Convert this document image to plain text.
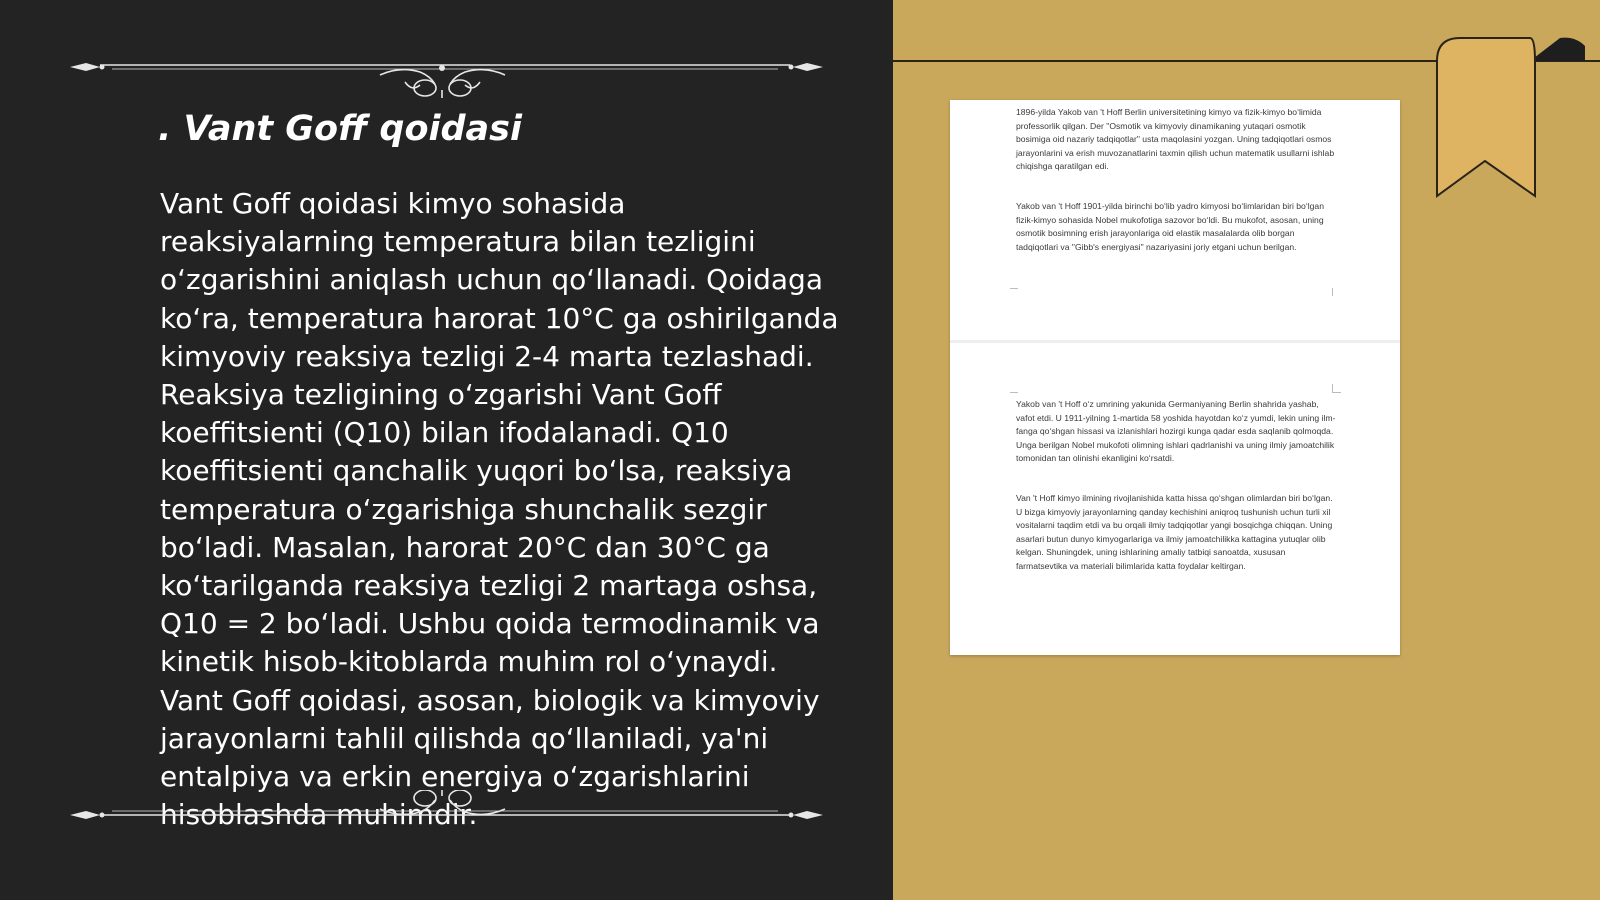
. Vant Goff qoidasi

Vant Goff qoidasi kimyo sohasida reaksiyalarning temperatura bilan tezligini o‘zgarishini aniqlash uchun qo‘llanadi. Qoidaga ko‘ra, temperatura harorat 10°C ga oshirilganda kimyoviy reaksiya tezligi 2-4 marta tezlashadi. Reaksiya tezligining o‘zgarishi Vant Goff koeffitsienti (Q10) bilan ifodalanadi. Q10 koeffitsienti qanchalik yuqori bo‘lsa, reaksiya temperatura o‘zgarishiga shunchalik sezgir bo‘ladi. Masalan, harorat 20°C dan 30°C ga ko‘tarilganda reaksiya tezligi 2 martaga oshsa, Q10 = 2 bo‘ladi. Ushbu qoida termodinamik va kinetik hisob-kitoblarda muhim rol o‘ynaydi. Vant Goff qoidasi, asosan, biologik va kimyoviy jarayonlarni tahlil qilishda qo‘llaniladi, ya'ni entalpiya va erkin energiya o‘zgarishlarini hisoblashda muhimdir.

1896-yilda Yakob van 't Hoff Berlin universitetining kimyo va fizik-kimyo bo‘limida professorlik qilgan. Der "Osmotik va kimyoviy dinamikaning yutaqari osmotik bosimiga oid nazariy tadqiqotlar" usta maqolasini yozgan. Uning tadqiqotlari osmos jarayonlarini va erish muvozanatlarini taxmin qilish uchun matematik usullarni ishlab chiqishga qaratilgan edi.

Yakob van 't Hoff 1901-yilda birinchi bo‘lib yadro kimyosi bo‘limlaridan biri bo‘lgan fizik-kimyo sohasida Nobel mukofotiga sazovor bo‘ldi. Bu mukofot, asosan, uning osmotik bosimning erish jarayonlariga oid elastik masalalarda olib borgan tadqiqotlari va "Gibb's energiyasi" nazariyasini joriy etgani uchun berilgan.

Yakob van 't Hoff o‘z umrining yakunida Germaniyaning Berlin shahrida yashab, vafot etdi. U 1911-yilning 1-martida 58 yoshida hayotdan ko‘z yumdi, lekin uning ilm-fanga qo‘shgan hissasi va izlanishlari hozirgi kunga qadar esda saqlanib qolmoqda. Unga berilgan Nobel mukofoti olimning ishlari qadrlanishi va uning ilmiy jamoatchilik tomonidan tan olinishi ekanligini ko‘rsatdi.

Van 't Hoff kimyo ilmining rivojlanishida katta hissa qo‘shgan olimlardan biri bo‘lgan. U bizga kimyoviy jarayonlarning qanday kechishini aniqroq tushunish uchun turli xil vositalarni taqdim etdi va bu orqali ilmiy tadqiqotlar yangi bosqichga chiqqan. Uning asarlari butun dunyo kimyogarlariga va ilmiy jamoatchilikka kattagina yutuqlar olib kelgan. Shuningdek, uning ishlarining amaliy tatbiqi sanoatda, xususan farmatsevtika va materiali bilimlarida katta foydalar keltirgan.
